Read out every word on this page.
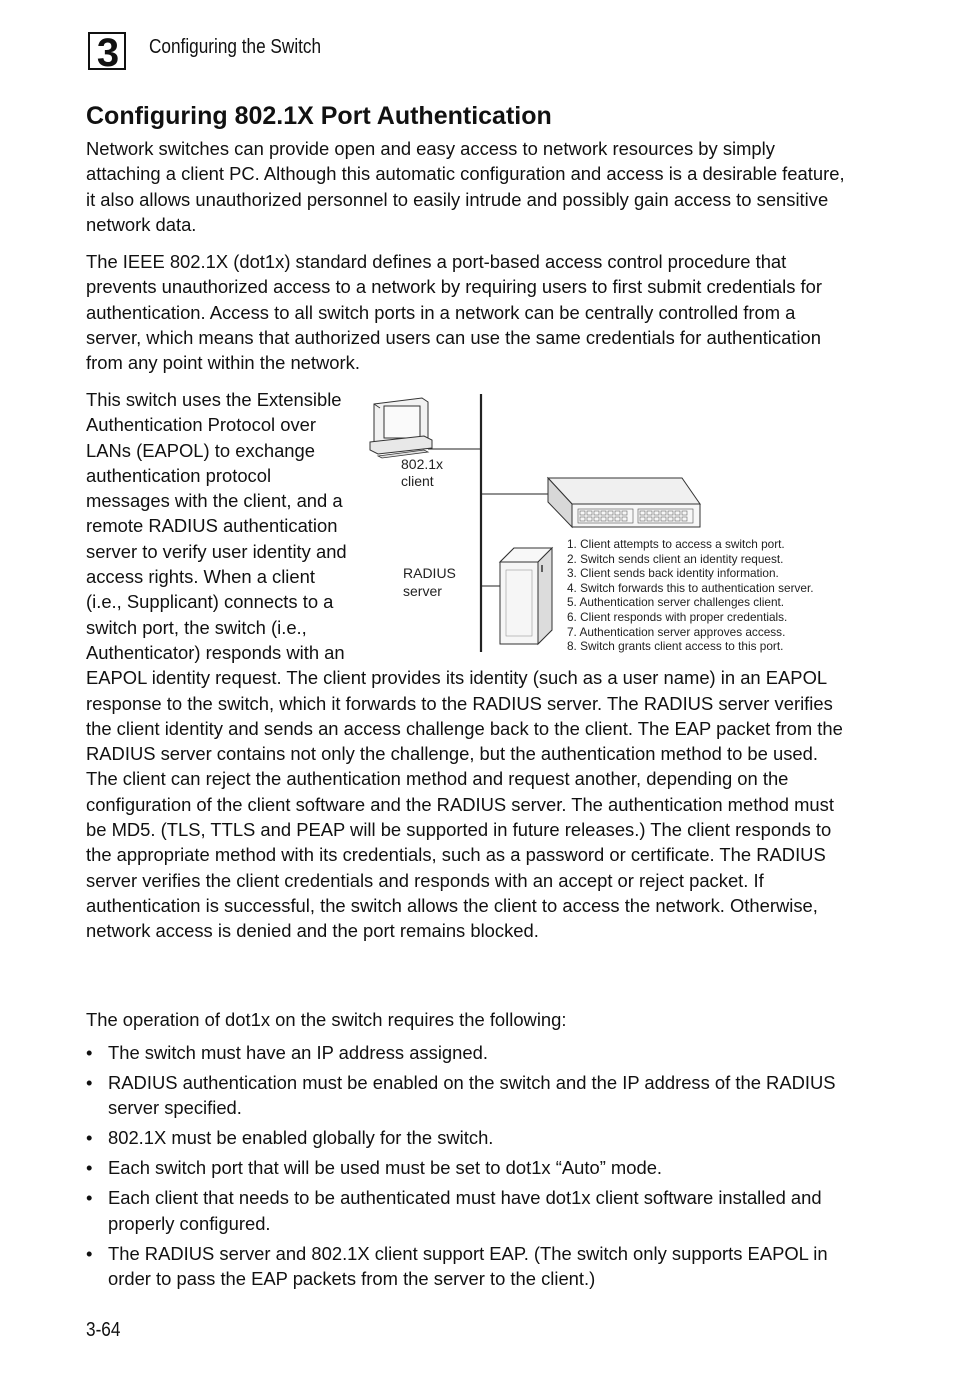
3 Configuring the Switch
Configuring 802.1X Port Authentication

Network switches can provide open and easy access to network resources by simply attaching a client PC. Although this automatic configuration and access is a desirable feature, it also allows unauthorized personnel to easily intrude and possibly gain access to sensitive network data.

The IEEE 802.1X (dot1x) standard defines a port-based access control procedure that prevents unauthorized access to a network by requiring users to first submit credentials for authentication. Access to all switch ports in a network can be centrally controlled from a server, which means that authorized users can use the same credentials for authentication from any point within the network.

This switch uses the Extensible Authentication Protocol over LANs (EAPOL) to exchange authentication protocol messages with the client, and a remote RADIUS authentication server to verify user identity and access rights. When a client (i.e., Supplicant) connects to a switch port, the switch (i.e., Authenticator) responds with an EAPOL identity request. The client provides its identity (such as a user name) in an EAPOL response to the switch, which it forwards to the RADIUS server. The RADIUS server verifies the client identity and sends an access challenge back to the client. The EAP packet from the RADIUS server contains not only the challenge, but the authentication method to be used. The client can reject the authentication method and request another, depending on the configuration of the client software and the RADIUS server. The authentication method must be MD5. (TLS, TTLS and PEAP will be supported in future releases.) The client responds to the appropriate method with its credentials, such as a password or certificate. The RADIUS server verifies the client credentials and responds with an accept or reject packet. If authentication is successful, the switch allows the client to access the network. Otherwise, network access is denied and the port remains blocked.

802.1x
client
RADIUS
server
1. Client attempts to access a switch port.
2. Switch sends client an identity request.
3. Client sends back identity information.
4. Switch forwards this to authentication server.
5. Authentication server challenges client.
6. Client responds with proper credentials.
7. Authentication server approves access.
8. Switch grants client access to this port.

The operation of dot1x on the switch requires the following:

• The switch must have an IP address assigned.
• RADIUS authentication must be enabled on the switch and the IP address of the RADIUS server specified.
• 802.1X must be enabled globally for the switch.
• Each switch port that will be used must be set to dot1x “Auto” mode.
• Each client that needs to be authenticated must have dot1x client software installed and properly configured.
• The RADIUS server and 802.1X client support EAP. (The switch only supports EAPOL in order to pass the EAP packets from the server to the client.)
3-64
